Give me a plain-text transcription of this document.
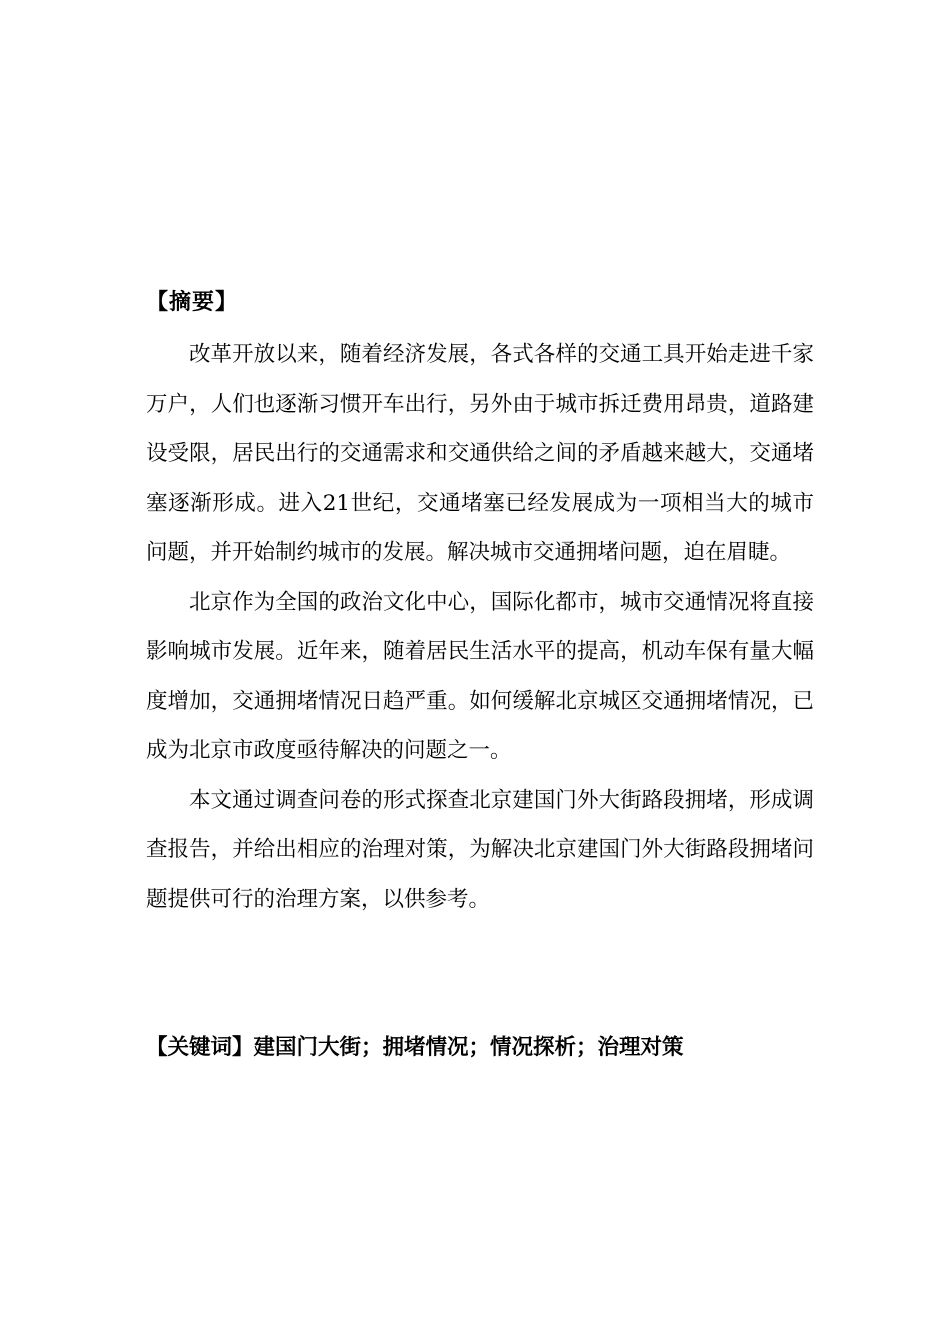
【摘要】

改革开放以来，随着经济发展，各式各样的交通工具开始走进千家万户，人们也逐渐习惯开车出行，另外由于城市拆迁费用昂贵，道路建设受限，居民出行的交通需求和交通供给之间的矛盾越来越大，交通堵塞逐渐形成。进入21世纪，交通堵塞已经发展成为一项相当大的城市问题，并开始制约城市的发展。解决城市交通拥堵问题，迫在眉睫。

北京作为全国的政治文化中心，国际化都市，城市交通情况将直接影响城市发展。近年来，随着居民生活水平的提高，机动车保有量大幅度增加，交通拥堵情况日趋严重。如何缓解北京城区交通拥堵情况，已成为北京市政度亟待解决的问题之一。

本文通过调查问卷的形式探查北京建国门外大街路段拥堵，形成调查报告，并给出相应的治理对策，为解决北京建国门外大街路段拥堵问题提供可行的治理方案，以供参考。

【关键词】建国门大街；拥堵情况；情况探析；治理对策
